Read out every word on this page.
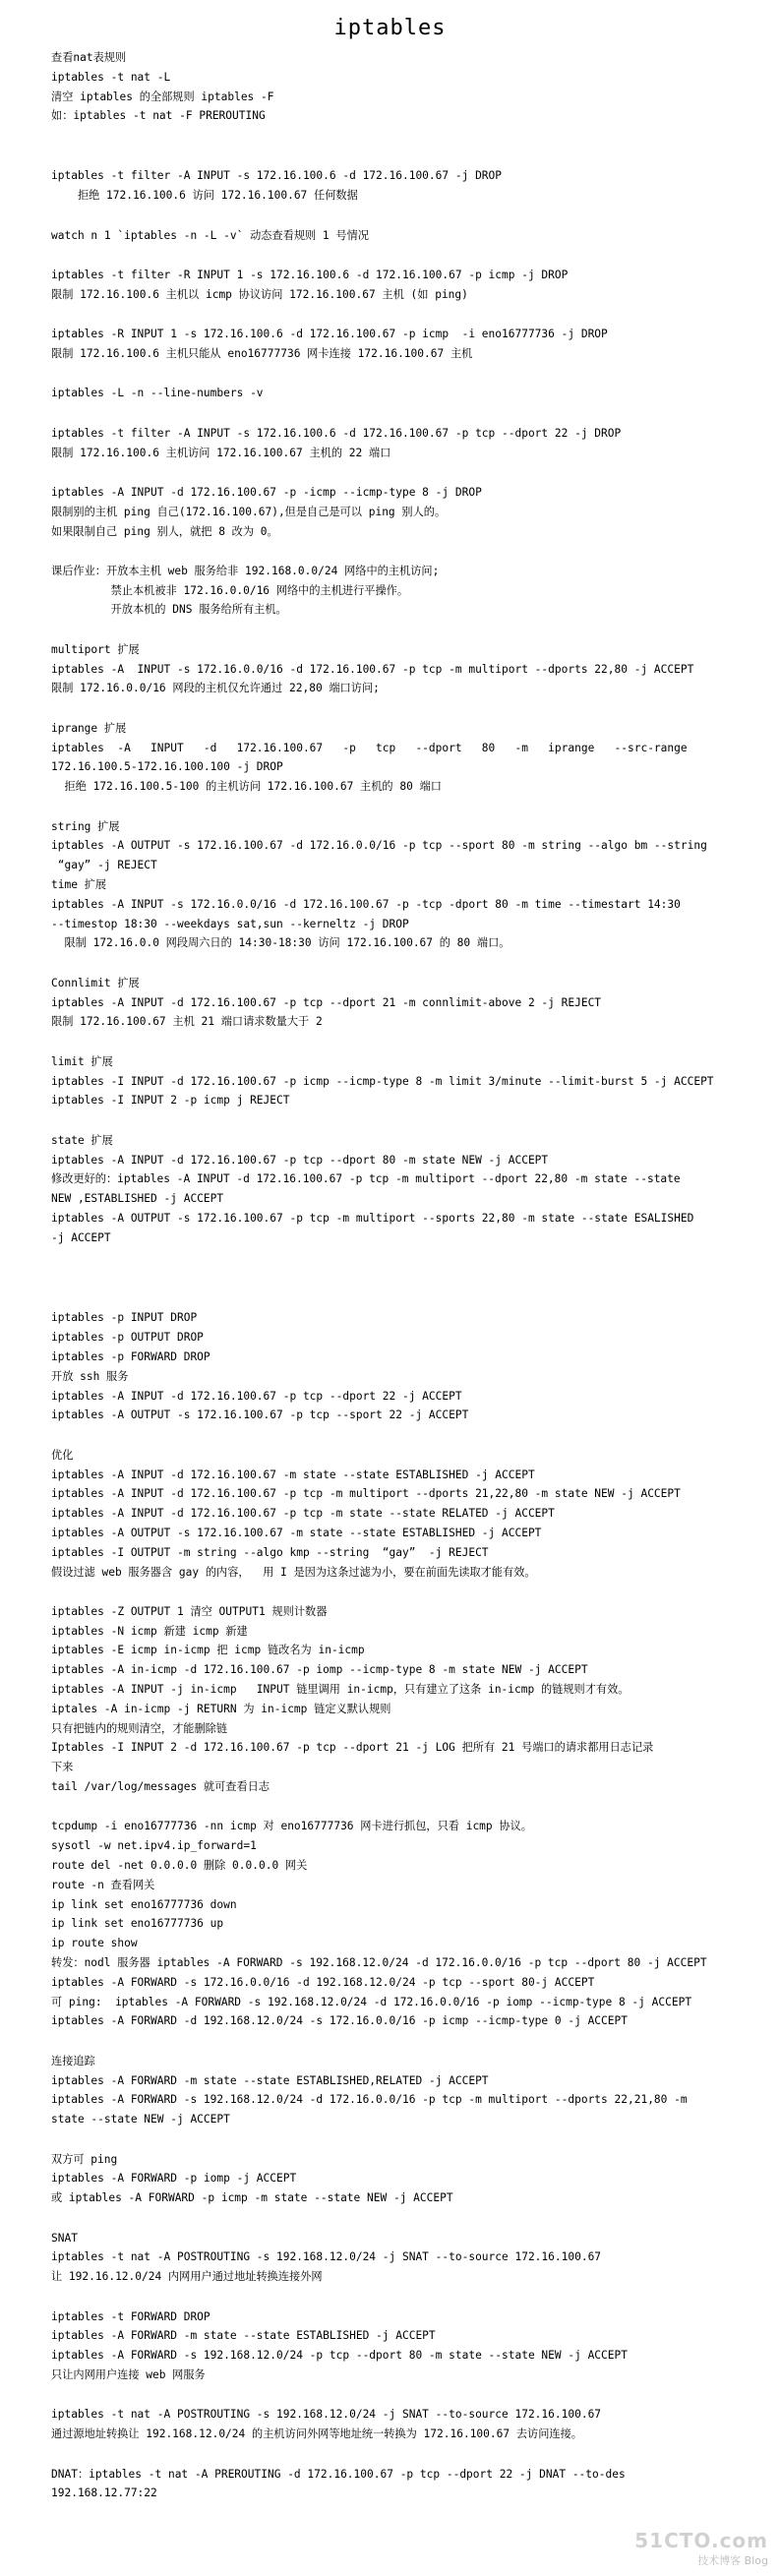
iptables
查看nat表规则
iptables -t nat -L
清空 iptables 的全部规则 iptables -F
如：iptables -t nat -F PREROUTING
iptables -t filter -A INPUT -s 172.16.100.6 -d 172.16.100.67 -j DROP
拒绝 172.16.100.6 访问 172.16.100.67 任何数据
watch n 1 `iptables -n -L -v` 动态查看规则 1 号情况
iptables -t filter -R INPUT 1 -s 172.16.100.6 -d 172.16.100.67 -p icmp -j DROP
限制 172.16.100.6 主机以 icmp 协议访问 172.16.100.67 主机 (如 ping)
iptables -R INPUT 1 -s 172.16.100.6 -d 172.16.100.67 -p icmp  -i eno16777736 -j DROP
限制 172.16.100.6 主机只能从 eno16777736 网卡连接 172.16.100.67 主机
iptables -L -n --line-numbers -v
iptables -t filter -A INPUT -s 172.16.100.6 -d 172.16.100.67 -p tcp --dport 22 -j DROP
限制 172.16.100.6 主机访问 172.16.100.67 主机的 22 端口
iptables -A INPUT -d 172.16.100.67 -p -icmp --icmp-type 8 -j DROP
限制别的主机 ping 自己(172.16.100.67),但是自己是可以 ping 别人的。
如果限制自己 ping 别人，就把 8 改为 0。
课后作业：开放本主机 web 服务给非 192.168.0.0/24 网络中的主机访问;
禁止本机被非 172.16.0.0/16 网络中的主机进行平操作。
开放本机的 DNS 服务给所有主机。
multiport 扩展
iptables -A  INPUT -s 172.16.0.0/16 -d 172.16.100.67 -p tcp -m multiport --dports 22,80 -j ACCEPT
限制 172.16.0.0/16 网段的主机仅允许通过 22,80 端口访问;
iprange 扩展
iptables  -A   INPUT   -d   172.16.100.67   -p   tcp   --dport   80   -m   iprange   --src-range
172.16.100.5-172.16.100.100 -j DROP
拒绝 172.16.100.5-100 的主机访问 172.16.100.67 主机的 80 端口
string 扩展
iptables -A OUTPUT -s 172.16.100.67 -d 172.16.0.0/16 -p tcp --sport 80 -m string --algo bm --string
“gay” -j REJECT
time 扩展
iptables -A INPUT -s 172.16.0.0/16 -d 172.16.100.67 -p -tcp -dport 80 -m time --timestart 14:30
--timestop 18:30 --weekdays sat,sun --kerneltz -j DROP
限制 172.16.0.0 网段周六日的 14:30-18:30 访问 172.16.100.67 的 80 端口。
Connlimit 扩展
iptables -A INPUT -d 172.16.100.67 -p tcp --dport 21 -m connlimit-above 2 -j REJECT
限制 172.16.100.67 主机 21 端口请求数量大于 2
limit 扩展
iptables -I INPUT -d 172.16.100.67 -p icmp --icmp-type 8 -m limit 3/minute --limit-burst 5 -j ACCEPT
iptables -I INPUT 2 -p icmp j REJECT
state 扩展
iptables -A INPUT -d 172.16.100.67 -p tcp --dport 80 -m state NEW -j ACCEPT
修改更好的：iptables -A INPUT -d 172.16.100.67 -p tcp -m multiport --dport 22,80 -m state --state
NEW ,ESTABLISHED -j ACCEPT
iptables -A OUTPUT -s 172.16.100.67 -p tcp -m multiport --sports 22,80 -m state --state ESALISHED
-j ACCEPT
iptables -p INPUT DROP
iptables -p OUTPUT DROP
iptables -p FORWARD DROP
开放 ssh 服务
iptables -A INPUT -d 172.16.100.67 -p tcp --dport 22 -j ACCEPT
iptables -A OUTPUT -s 172.16.100.67 -p tcp --sport 22 -j ACCEPT
优化
iptables -A INPUT -d 172.16.100.67 -m state --state ESTABLISHED -j ACCEPT
iptables -A INPUT -d 172.16.100.67 -p tcp -m multiport --dports 21,22,80 -m state NEW -j ACCEPT
iptables -A INPUT -d 172.16.100.67 -p tcp -m state --state RELATED -j ACCEPT
iptables -A OUTPUT -s 172.16.100.67 -m state --state ESTABLISHED -j ACCEPT
iptables -I OUTPUT -m string --algo kmp --string  “gay”  -j REJECT
假设过滤 web 服务器含 gay 的内容，  用 I 是因为这条过滤为小，要在前面先读取才能有效。
iptables -Z OUTPUT 1 清空 OUTPUT1 规则计数器
iptables -N icmp 新建 icmp 新建
iptables -E icmp in-icmp 把 icmp 链改名为 in-icmp
iptables -A in-icmp -d 172.16.100.67 -p iomp --icmp-type 8 -m state NEW -j ACCEPT
iptables -A INPUT -j in-icmp   INPUT 链里调用 in-icmp，只有建立了这条 in-icmp 的链规则才有效。
iptales -A in-icmp -j RETURN 为 in-icmp 链定义默认规则
只有把链内的规则清空，才能删除链
Iptables -I INPUT 2 -d 172.16.100.67 -p tcp --dport 21 -j LOG 把所有 21 号端口的请求都用日志记录
下来
tail /var/log/messages 就可查看日志
tcpdump -i eno16777736 -nn icmp 对 eno16777736 网卡进行抓包，只看 icmp 协议。
sysotl -w net.ipv4.ip_forward=1
route del -net 0.0.0.0 删除 0.0.0.0 网关
route -n 查看网关
ip link set eno16777736 down
ip link set eno16777736 up
ip route show
转发：nodl 服务器 iptables -A FORWARD -s 192.168.12.0/24 -d 172.16.0.0/16 -p tcp --dport 80 -j ACCEPT
iptables -A FORWARD -s 172.16.0.0/16 -d 192.168.12.0/24 -p tcp --sport 80-j ACCEPT
可 ping:  iptables -A FORWARD -s 192.168.12.0/24 -d 172.16.0.0/16 -p iomp --icmp-type 8 -j ACCEPT
iptables -A FORWARD -d 192.168.12.0/24 -s 172.16.0.0/16 -p icmp --icmp-type 0 -j ACCEPT
连接追踪
iptables -A FORWARD -m state --state ESTABLISHED,RELATED -j ACCEPT
iptables -A FORWARD -s 192.168.12.0/24 -d 172.16.0.0/16 -p tcp -m multiport --dports 22,21,80 -m
state --state NEW -j ACCEPT
双方可 ping
iptables -A FORWARD -p iomp -j ACCEPT
或 iptables -A FORWARD -p icmp -m state --state NEW -j ACCEPT
SNAT
iptables -t nat -A POSTROUTING -s 192.168.12.0/24 -j SNAT --to-source 172.16.100.67
让 192.16.12.0/24 内网用户通过地址转换连接外网
iptables -t FORWARD DROP
iptables -A FORWARD -m state --state ESTABLISHED -j ACCEPT
iptables -A FORWARD -s 192.168.12.0/24 -p tcp --dport 80 -m state --state NEW -j ACCEPT
只让内网用户连接 web 网服务
iptables -t nat -A POSTROUTING -s 192.168.12.0/24 -j SNAT --to-source 172.16.100.67
通过源地址转换让 192.168.12.0/24 的主机访问外网等地址统一转换为 172.16.100.67 去访问连接。
DNAT：iptables -t nat -A PREROUTING -d 172.16.100.67 -p tcp --dport 22 -j DNAT --to-des
192.168.12.77:22
51CTO.com
技术博客 Blog
